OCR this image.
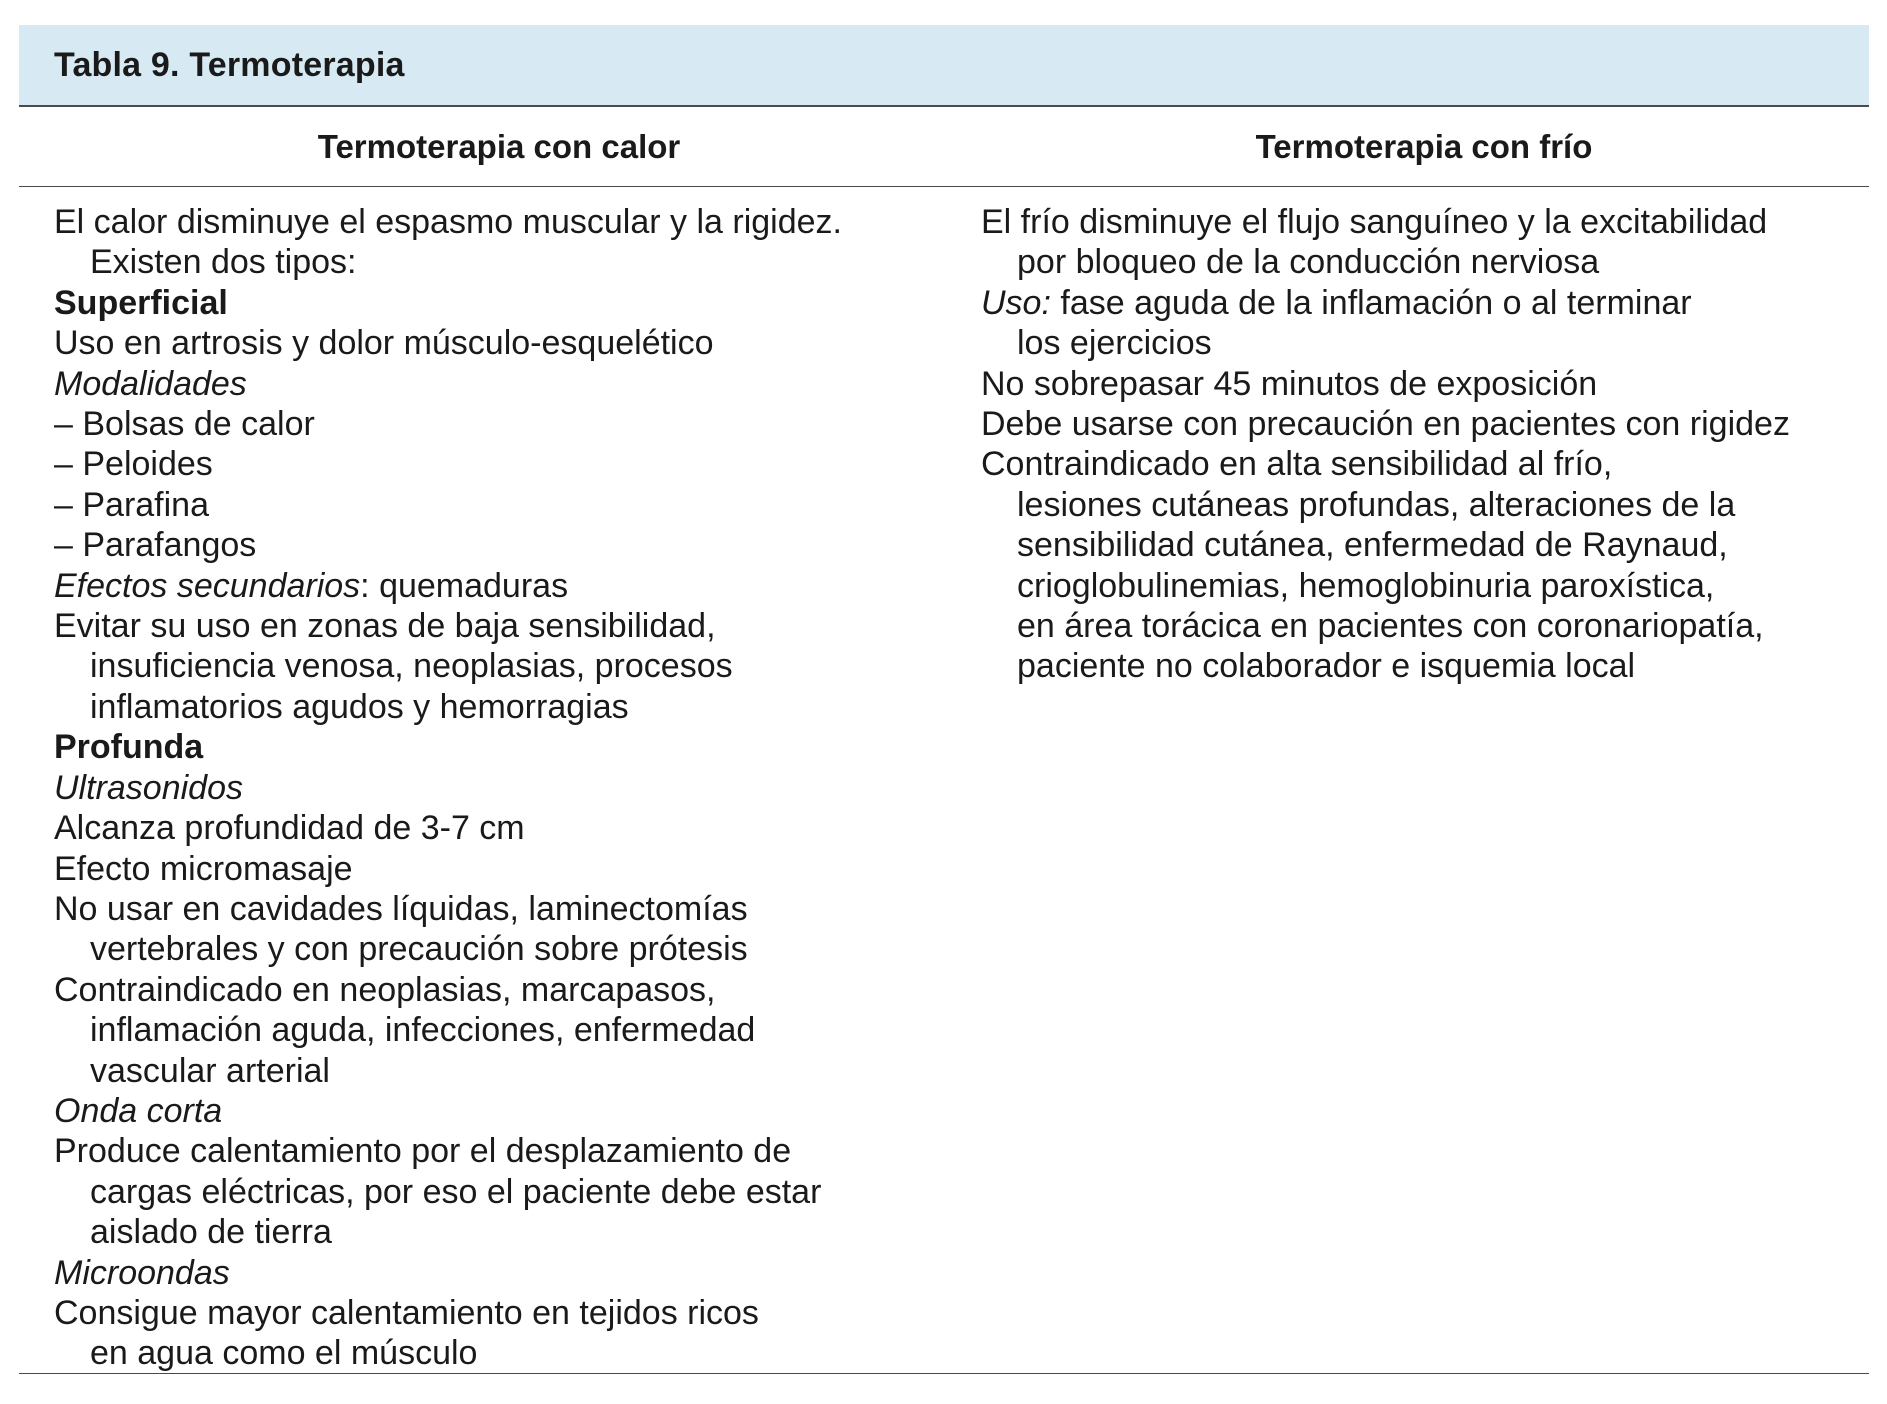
Tabla 9. Termoterapia
Termoterapia con calor	Termoterapia con frío
El calor disminuye el espasmo muscular y la rigidez.
Existen dos tipos:
Superficial
Uso en artrosis y dolor músculo-esquelético
Modalidades
– Bolsas de calor
– Peloides
– Parafina
– Parafangos
Efectos secundarios: quemaduras
Evitar su uso en zonas de baja sensibilidad,
insuficiencia venosa, neoplasias, procesos
inflamatorios agudos y hemorragias
Profunda
Ultrasonidos
Alcanza profundidad de 3-7 cm
Efecto micromasaje
No usar en cavidades líquidas, laminectomías
vertebrales y con precaución sobre prótesis
Contraindicado en neoplasias, marcapasos,
inflamación aguda, infecciones, enfermedad
vascular arterial
Onda corta
Produce calentamiento por el desplazamiento de
cargas eléctricas, por eso el paciente debe estar
aislado de tierra
Microondas
Consigue mayor calentamiento en tejidos ricos
en agua como el músculo
El frío disminuye el flujo sanguíneo y la excitabilidad
por bloqueo de la conducción nerviosa
Uso: fase aguda de la inflamación o al terminar
los ejercicios
No sobrepasar 45 minutos de exposición
Debe usarse con precaución en pacientes con rigidez
Contraindicado en alta sensibilidad al frío,
lesiones cutáneas profundas, alteraciones de la
sensibilidad cutánea, enfermedad de Raynaud,
crioglobulinemias, hemoglobinuria paroxística,
en área torácica en pacientes con coronariopatía,
paciente no colaborador e isquemia local
